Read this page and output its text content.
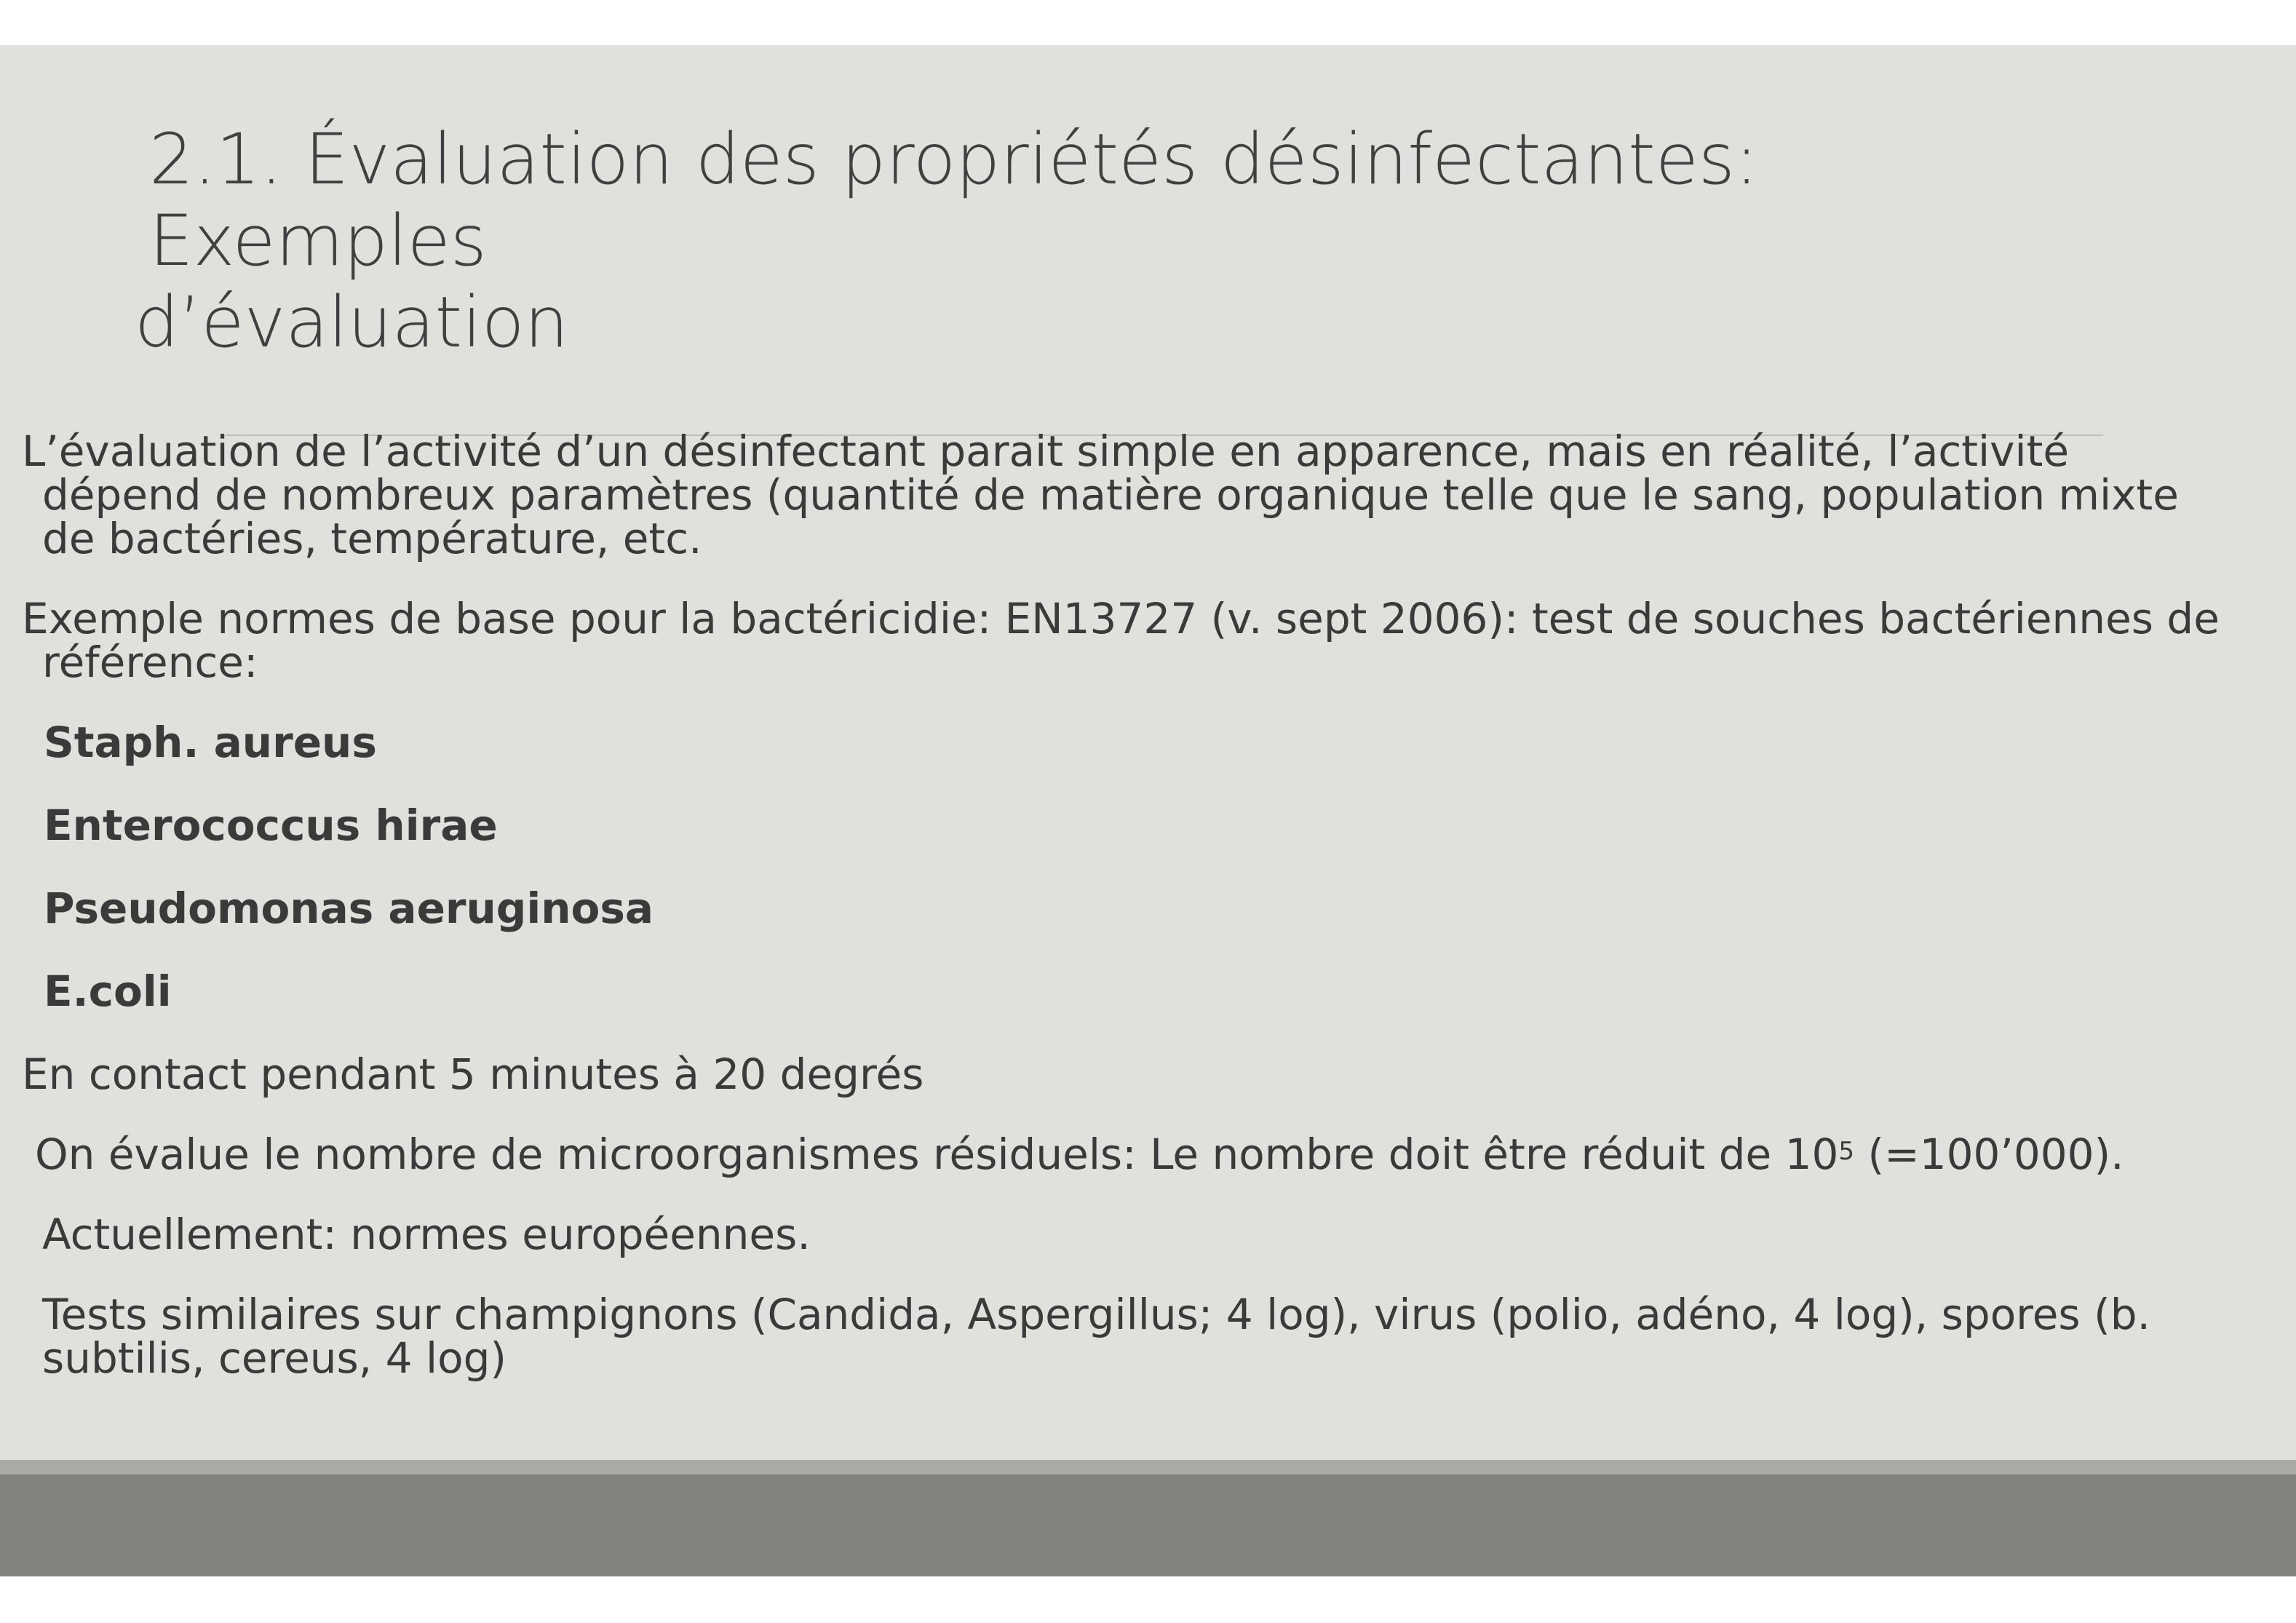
2.1. Évaluation des propriétés désinfectantes: Exemples
d’évaluation

L’évaluation de l’activité d’un désinfectant parait simple en apparence, mais en réalité, l’activité dépend de nombreux paramètres (quantité de matière organique telle que le sang, population mixte de bactéries, température, etc.

Exemple normes de base pour la bactéricidie: EN13727 (v. sept 2006): test de souches bactériennes de référence:

Staph. aureus

Enterococcus hirae

Pseudomonas aeruginosa

E.coli

En contact pendant 5 minutes à 20 degrés

On évalue le nombre de microorganismes résiduels: Le nombre doit être réduit de $10^5$ (=100’000).

Actuellement: normes européennes.

Tests similaires sur champignons (Candida, Aspergillus; 4 log), virus (polio, adéno, 4 log), spores (b. subtilis, cereus, 4 log)
